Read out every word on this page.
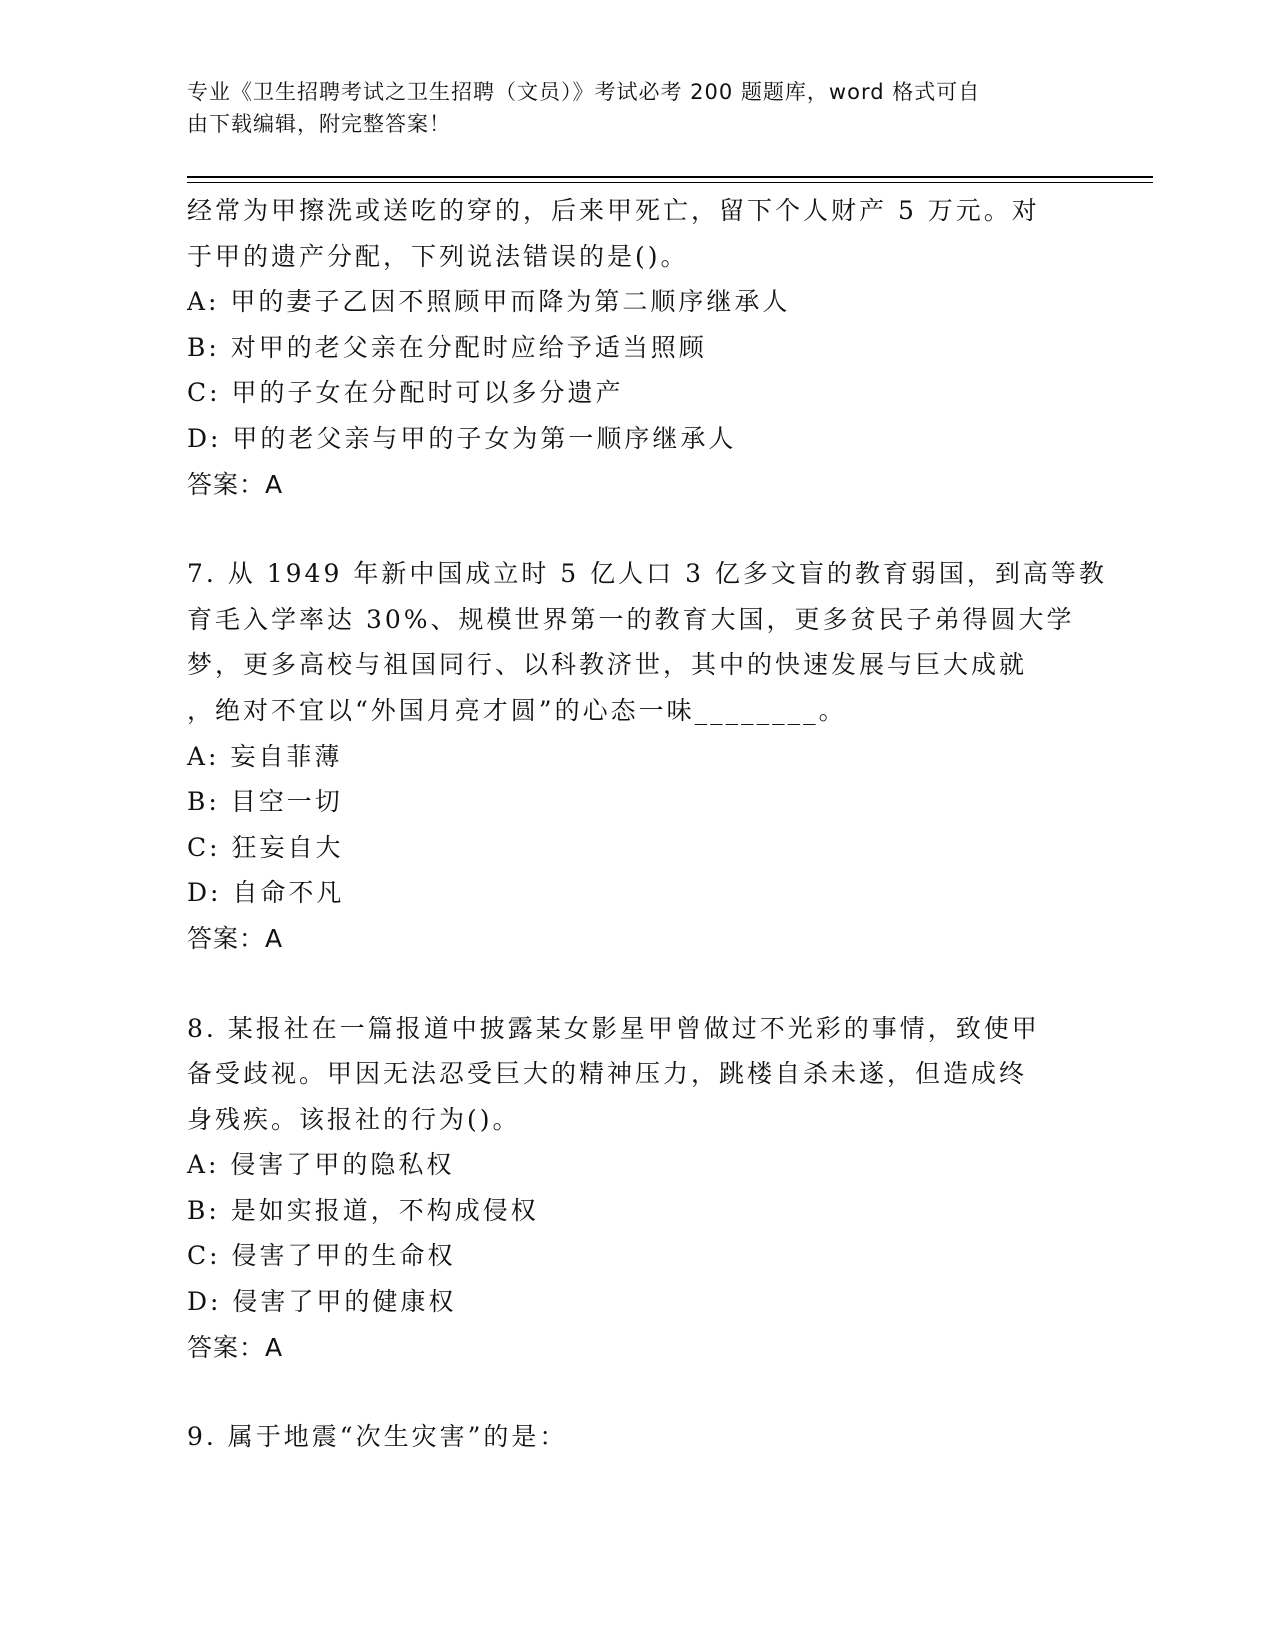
专业《卫生招聘考试之卫生招聘（文员）》考试必考 200 题题库，word 格式可自
由下载编辑，附完整答案！
经常为甲擦洗或送吃的穿的，后来甲死亡，留下个人财产 5 万元。对
于甲的遗产分配，下列说法错误的是()。
A: 甲的妻子乙因不照顾甲而降为第二顺序继承人
B: 对甲的老父亲在分配时应给予适当照顾
C: 甲的子女在分配时可以多分遗产
D: 甲的老父亲与甲的子女为第一顺序继承人
答案：A
7. 从 1949 年新中国成立时 5 亿人口 3 亿多文盲的教育弱国，到高等教
育毛入学率达 30%、规模世界第一的教育大国，更多贫民子弟得圆大学
梦，更多高校与祖国同行、以科教济世，其中的快速发展与巨大成就
，绝对不宜以“外国月亮才圆”的心态一味________。
A: 妄自菲薄
B: 目空一切
C: 狂妄自大
D: 自命不凡
答案：A
8. 某报社在一篇报道中披露某女影星甲曾做过不光彩的事情，致使甲
备受歧视。甲因无法忍受巨大的精神压力，跳楼自杀未遂，但造成终
身残疾。该报社的行为()。
A: 侵害了甲的隐私权
B: 是如实报道，不构成侵权
C: 侵害了甲的生命权
D: 侵害了甲的健康权
答案：A
9. 属于地震“次生灾害”的是：
